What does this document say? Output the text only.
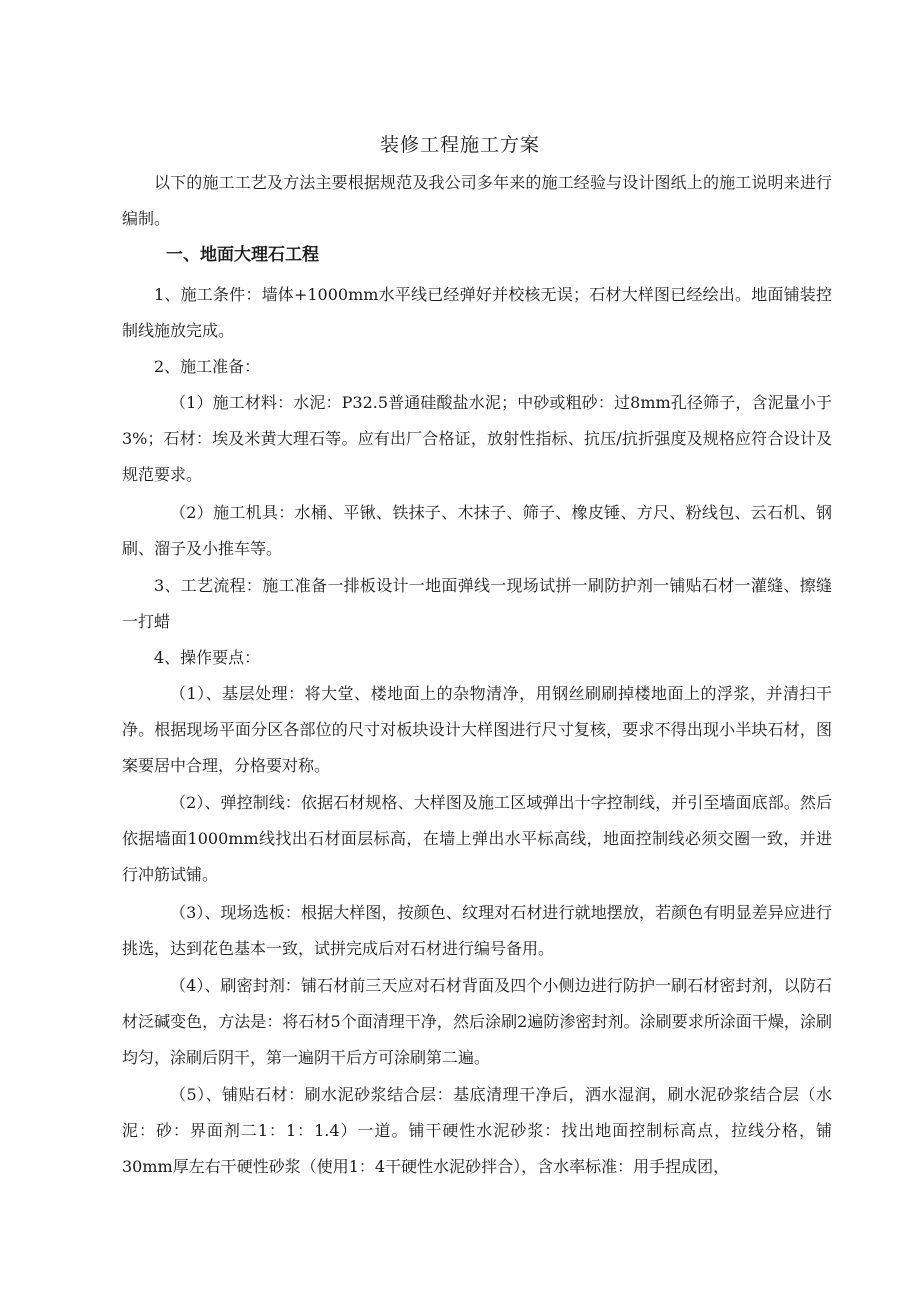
装修工程施工方案

以下的施工工艺及方法主要根据规范及我公司多年来的施工经验与设计图纸上的施工说明来进行编制。

一、地面大理石工程

1、施工条件：墙体+1000mm水平线已经弹好并校核无误；石材大样图已经绘出。地面铺装控制线施放完成。

2、施工准备：

（1）施工材料：水泥：P32.5普通硅酸盐水泥；中砂或粗砂：过8mm孔径筛子，含泥量小于3%；石材：埃及米黄大理石等。应有出厂合格证，放射性指标、抗压/抗折强度及规格应符合设计及规范要求。

（2）施工机具：水桶、平锹、铁抹子、木抹子、筛子、橡皮锤、方尺、粉线包、云石机、钢刷、溜子及小推车等。

3、工艺流程：施工准备一排板设计一地面弹线一现场试拼一刷防护剂一铺贴石材一灌缝、擦缝一打蜡

4、操作要点：

（1）、基层处理：将大堂、楼地面上的杂物清净，用钢丝刷刷掉楼地面上的浮浆，并清扫干净。根据现场平面分区各部位的尺寸对板块设计大样图进行尺寸复核，要求不得出现小半块石材，图案要居中合理，分格要对称。

（2）、弹控制线：依据石材规格、大样图及施工区域弹出十字控制线，并引至墙面底部。然后依据墙面1000mm线找出石材面层标高，在墙上弹出水平标高线，地面控制线必须交圈一致，并进行冲筋试铺。

（3）、现场选板：根据大样图，按颜色、纹理对石材进行就地摆放，若颜色有明显差异应进行挑选，达到花色基本一致，试拼完成后对石材进行编号备用。

（4）、刷密封剂：铺石材前三天应对石材背面及四个小侧边进行防护一刷石材密封剂，以防石材泛碱变色，方法是：将石材5个面清理干净，然后涂刷2遍防渗密封剂。涂刷要求所涂面干燥，涂刷均匀，涂刷后阴干，第一遍阴干后方可涂刷第二遍。

（5）、铺贴石材：刷水泥砂浆结合层：基底清理干净后，洒水湿润，刷水泥砂浆结合层（水泥：砂：界面剂二1：1：1.4）一道。铺干硬性水泥砂浆：找出地面控制标高点，拉线分格，铺30mm厚左右干硬性砂浆（使用1：4干硬性水泥砂拌合），含水率标准：用手捏成团，
